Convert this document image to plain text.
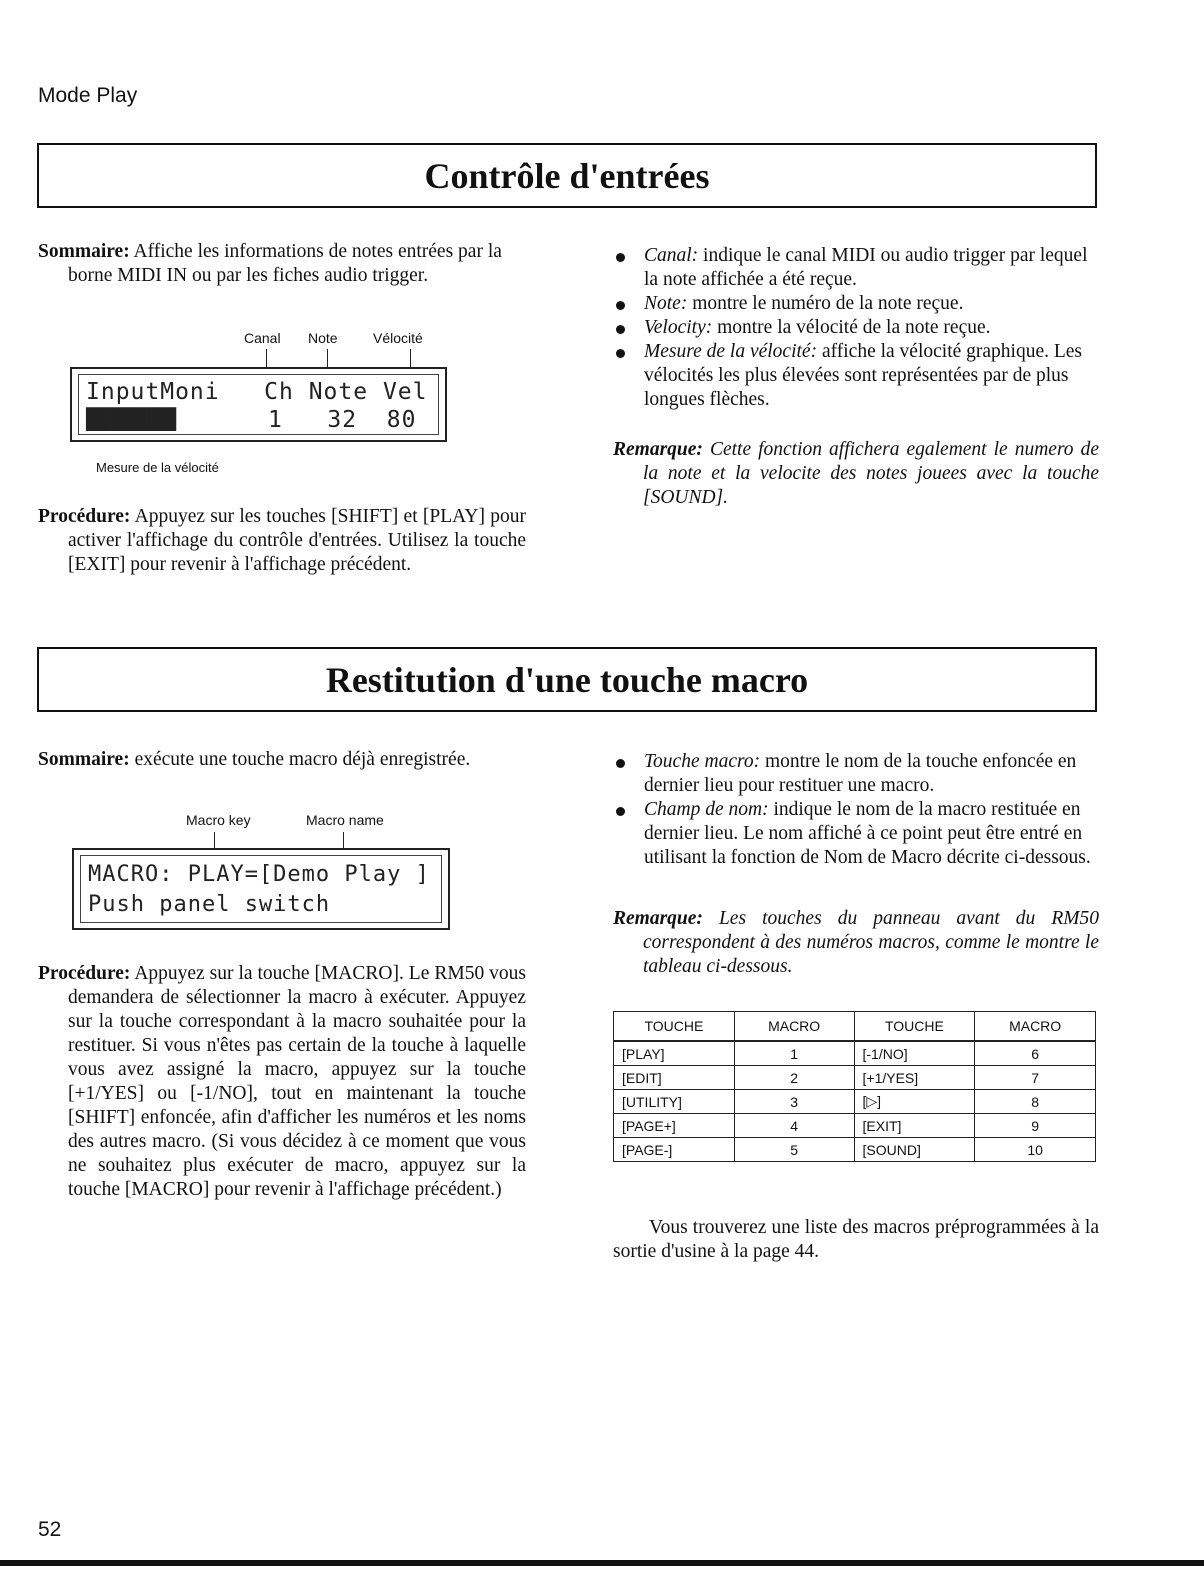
Mode Play
Contrôle d'entrées
Sommaire: Affiche les informations de notes entrées par la borne MIDI IN ou par les fiches audio trigger.
Canal Note	Vélocité
InputMoni   Ch Note Vel
███████▌	1   32  80
Mesure de la vélocité
Procédure: Appuyez sur les touches [SHIFT] et [PLAY] pour activer l'affichage du contrôle d'entrées. Utilisez la touche [EXIT] pour revenir à l'affichage précédent.
Canal: indique le canal MIDI ou audio trigger par lequel la note affichée a été reçue.
Note: montre le numéro de la note reçue.
Velocity: montre la vélocité de la note reçue.
Mesure de la vélocité: affiche la vélocité graphique. Les vélocités les plus élevées sont représentées par de plus longues flèches.
Remarque: Cette fonction affichera egalement le numero de la note et la velocite des notes jouees avec la touche [SOUND].
Restitution d'une touche macro
Sommaire: exécute une touche macro déjà enregistrée.
Macro key	Macro name
MACRO: PLAY=[Demo Play ]
Push panel switch
Procédure: Appuyez sur la touche [MACRO]. Le RM50 vous demandera de sélectionner la macro à exécuter. Appuyez sur la touche correspondant à la macro souhaitée pour la restituer. Si vous n'êtes pas certain de la touche à laquelle vous avez assigné la macro, appuyez sur la touche [+1/YES] ou [-1/NO], tout en maintenant la touche [SHIFT] enfoncée, afin d'afficher les numéros et les noms des autres macro. (Si vous décidez à ce moment que vous ne souhaitez plus exécuter de macro, appuyez sur la touche [MACRO] pour revenir à l'affichage précédent.)
Touche macro: montre le nom de la touche enfoncée en dernier lieu pour restituer une macro.
Champ de nom: indique le nom de la macro restituée en dernier lieu. Le nom affiché à ce point peut être entré en utilisant la fonction de Nom de Macro décrite ci-dessous.
Remarque: Les touches du panneau avant du RM50 correspondent à des numéros macros, comme le montre le tableau ci-dessous.
TOUCHE	MACRO	TOUCHE	MACRO
[PLAY]	1	[-1/NO]	6
[EDIT]	2	[+1/YES]	7
[UTILITY]	3	[▷]	8
[PAGE+]	4	[EXIT]	9
[PAGE-]	5	[SOUND]	10
Vous trouverez une liste des macros préprogrammées à la sortie d'usine à la page 44.
52
